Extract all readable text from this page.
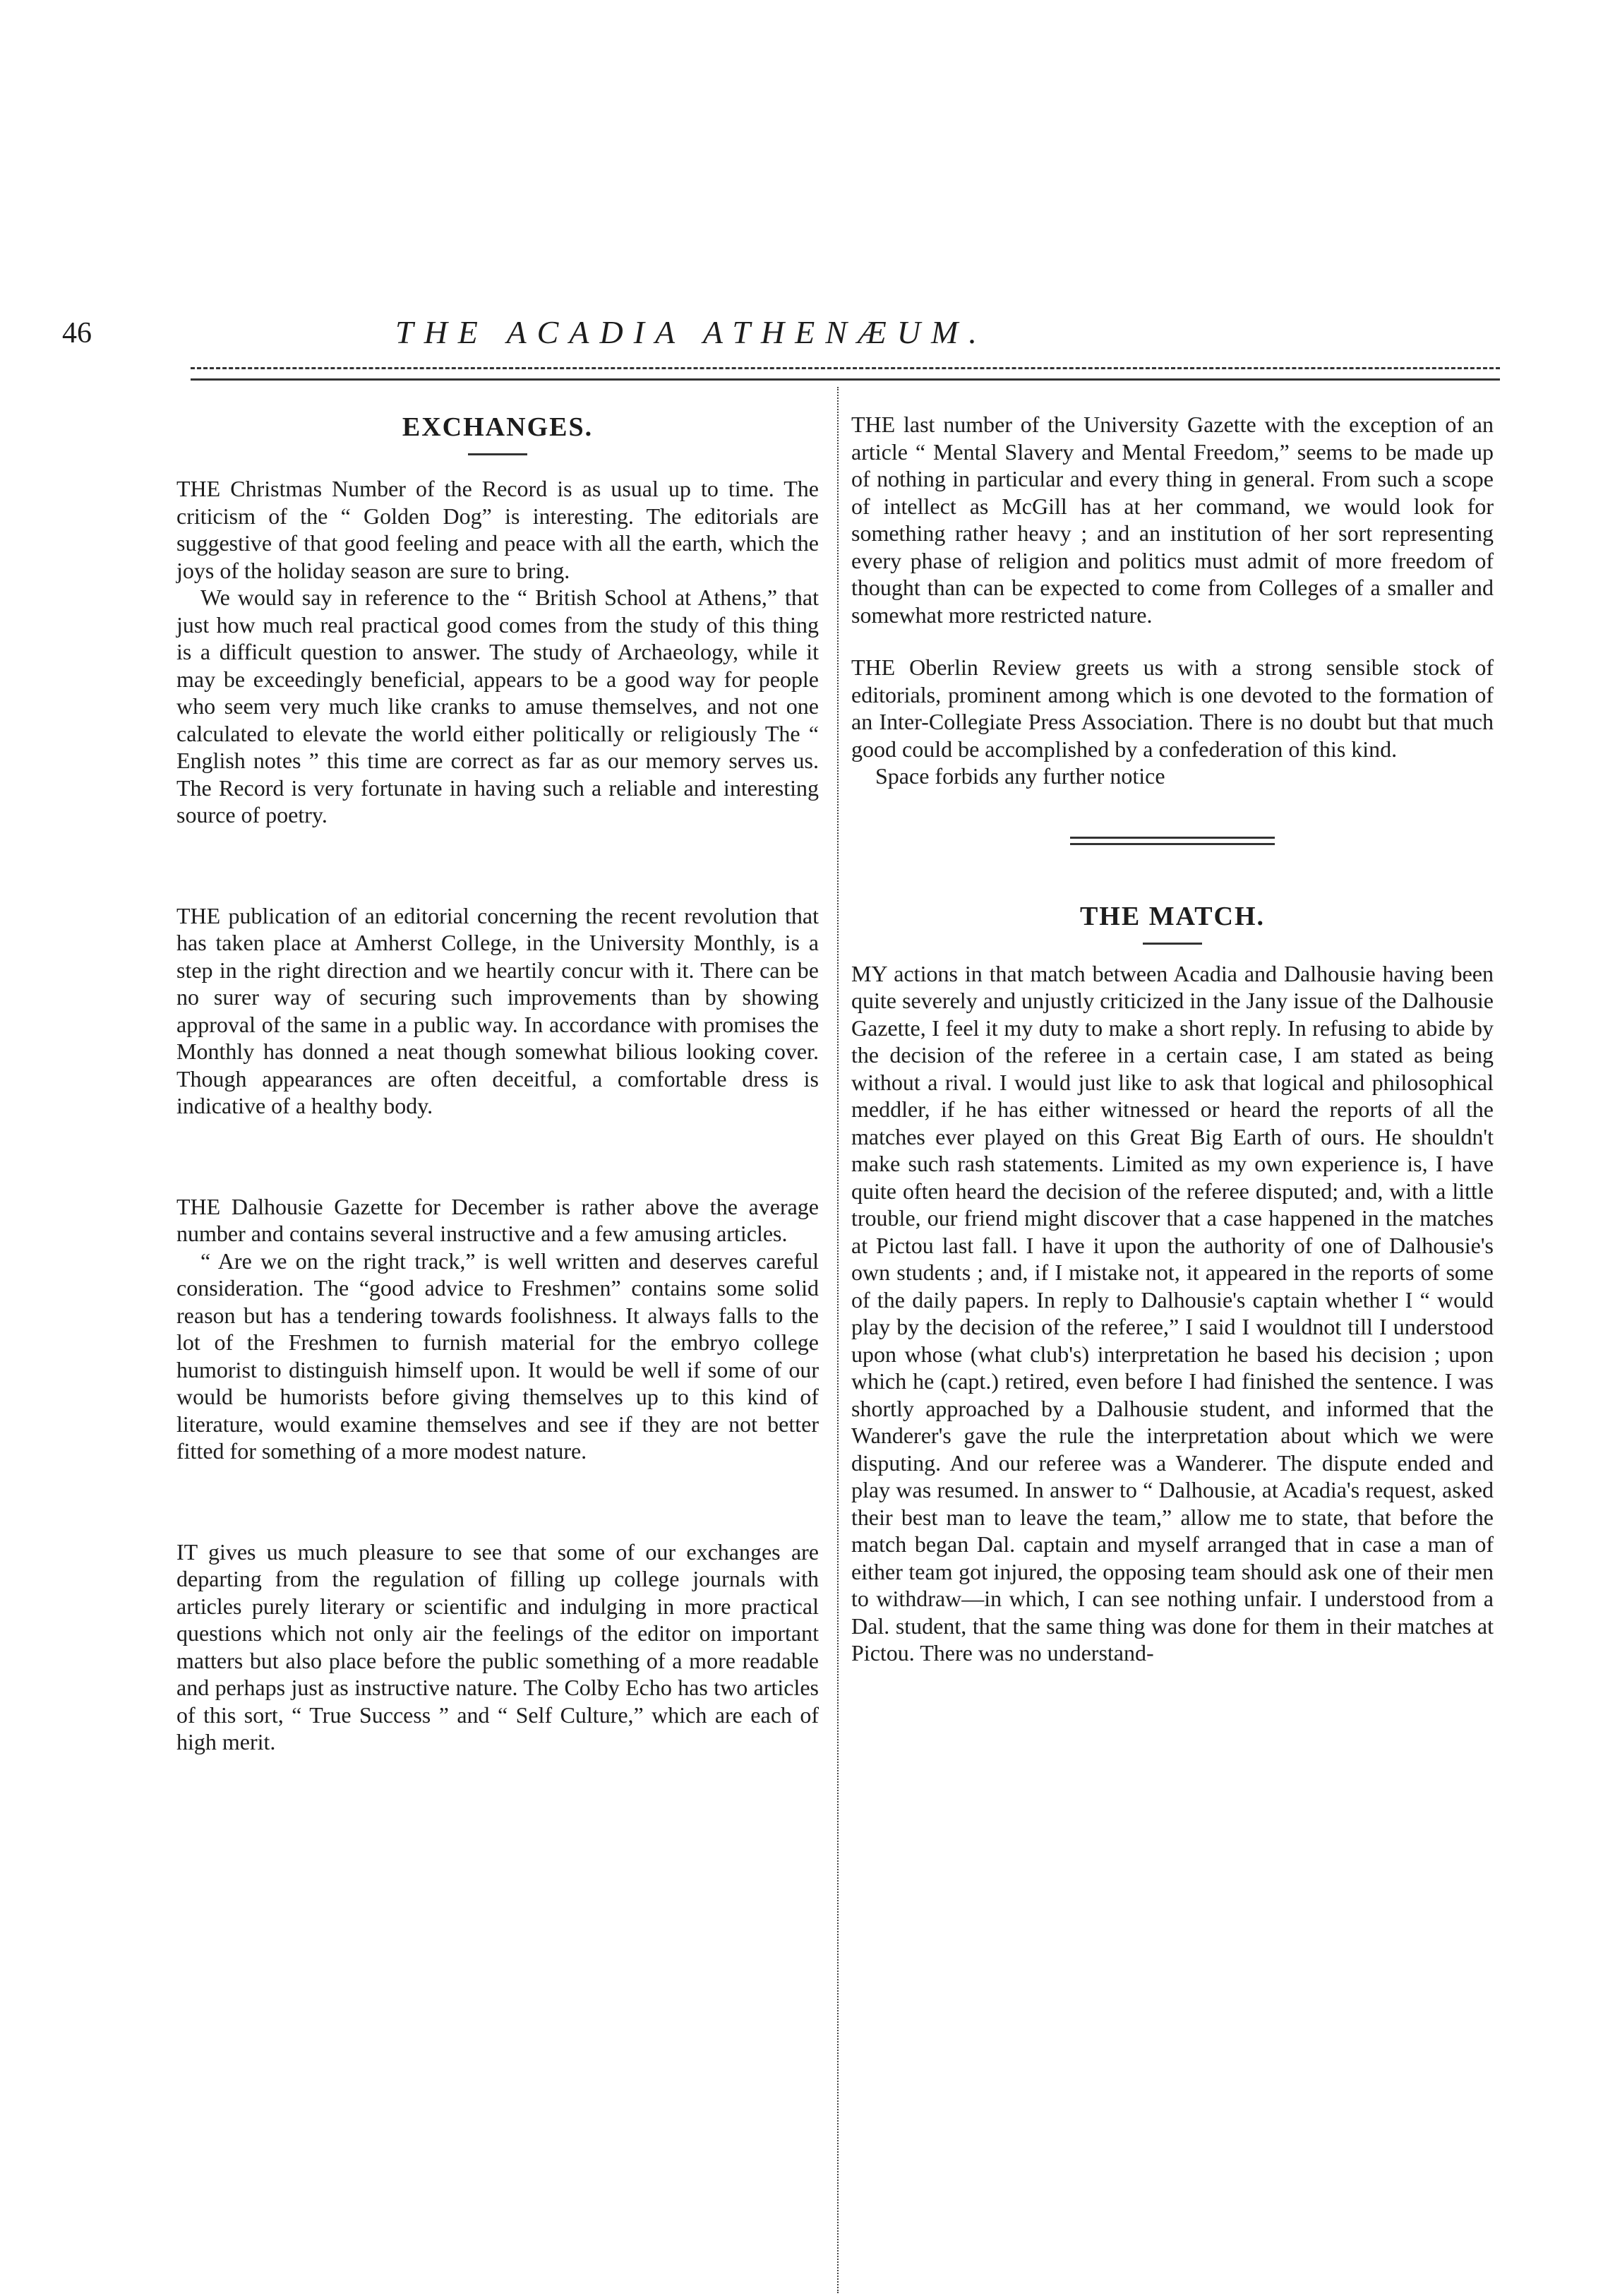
46	THE ACADIA ATHENÆUM.
EXCHANGES.

THE Christmas Number of the Record is as usual up to time. The criticism of the “ Golden Dog” is interesting. The editorials are suggestive of that good feeling and peace with all the earth, which the joys of the holiday season are sure to bring.

We would say in reference to the “ British School at Athens,” that just how much real practical good comes from the study of this thing is a difficult question to answer. The study of Archaeology, while it may be exceedingly beneficial, appears to be a good way for people who seem very much like cranks to amuse themselves, and not one calculated to elevate the world either politically or religiously The “ English notes ” this time are correct as far as our memory serves us. The Record is very fortunate in having such a reliable and interesting source of poetry.

THE publication of an editorial concerning the recent revolution that has taken place at Amherst College, in the University Monthly, is a step in the right direction and we heartily concur with it. There can be no surer way of securing such improvements than by showing approval of the same in a public way. In accordance with promises the Monthly has donned a neat though somewhat bilious looking cover. Though appearances are often deceitful, a comfortable dress is indicative of a healthy body.

THE Dalhousie Gazette for December is rather above the average number and contains several instructive and a few amusing articles.

“ Are we on the right track,” is well written and deserves careful consideration. The “good advice to Freshmen” contains some solid reason but has a tendering towards foolishness. It always falls to the lot of the Freshmen to furnish material for the embryo college humorist to distinguish himself upon. It would be well if some of our would be humorists before giving themselves up to this kind of literature, would examine themselves and see if they are not better fitted for something of a more modest nature.

IT gives us much pleasure to see that some of our exchanges are departing from the regulation of filling up college journals with articles purely literary or scientific and indulging in more practical questions which not only air the feelings of the editor on important matters but also place before the public something of a more readable and perhaps just as instructive nature. The Colby Echo has two articles of this sort, “ True Success ” and “ Self Culture,” which are each of high merit.

THE last number of the University Gazette with the exception of an article “ Mental Slavery and Mental Freedom,” seems to be made up of nothing in particular and every thing in general. From such a scope of intellect as McGill has at her command, we would look for something rather heavy ; and an institution of her sort representing every phase of religion and politics must admit of more freedom of thought than can be expected to come from Colleges of a smaller and somewhat more restricted nature.

THE Oberlin Review greets us with a strong sensible stock of editorials, prominent among which is one devoted to the formation of an Inter-Collegiate Press Association. There is no doubt but that much good could be accomplished by a confederation of this kind.

Space forbids any further notice

THE MATCH.

MY actions in that match between Acadia and Dalhousie having been quite severely and unjustly criticized in the Jany issue of the Dalhousie Gazette, I feel it my duty to make a short reply. In refusing to abide by the decision of the referee in a certain case, I am stated as being without a rival. I would just like to ask that logical and philosophical meddler, if he has either witnessed or heard the reports of all the matches ever played on this Great Big Earth of ours. He shouldn't make such rash statements. Limited as my own experience is, I have quite often heard the decision of the referee disputed; and, with a little trouble, our friend might discover that a case happened in the matches at Pictou last fall. I have it upon the authority of one of Dalhousie's own students ; and, if I mistake not, it appeared in the reports of some of the daily papers. In reply to Dalhousie's captain whether I “ would play by the decision of the referee,” I said I wouldnot till I understood upon whose (what club's) interpretation he based his decision ; upon which he (capt.) retired, even before I had finished the sentence. I was shortly approached by a Dalhousie student, and informed that the Wanderer's gave the rule the interpretation about which we were disputing. And our referee was a Wanderer. The dispute ended and play was resumed. In answer to “ Dalhousie, at Acadia's request, asked their best man to leave the team,” allow me to state, that before the match began Dal. captain and myself arranged that in case a man of either team got injured, the opposing team should ask one of their men to withdraw—in which, I can see nothing unfair. I understood from a Dal. student, that the same thing was done for them in their matches at Pictou. There was no understand-
